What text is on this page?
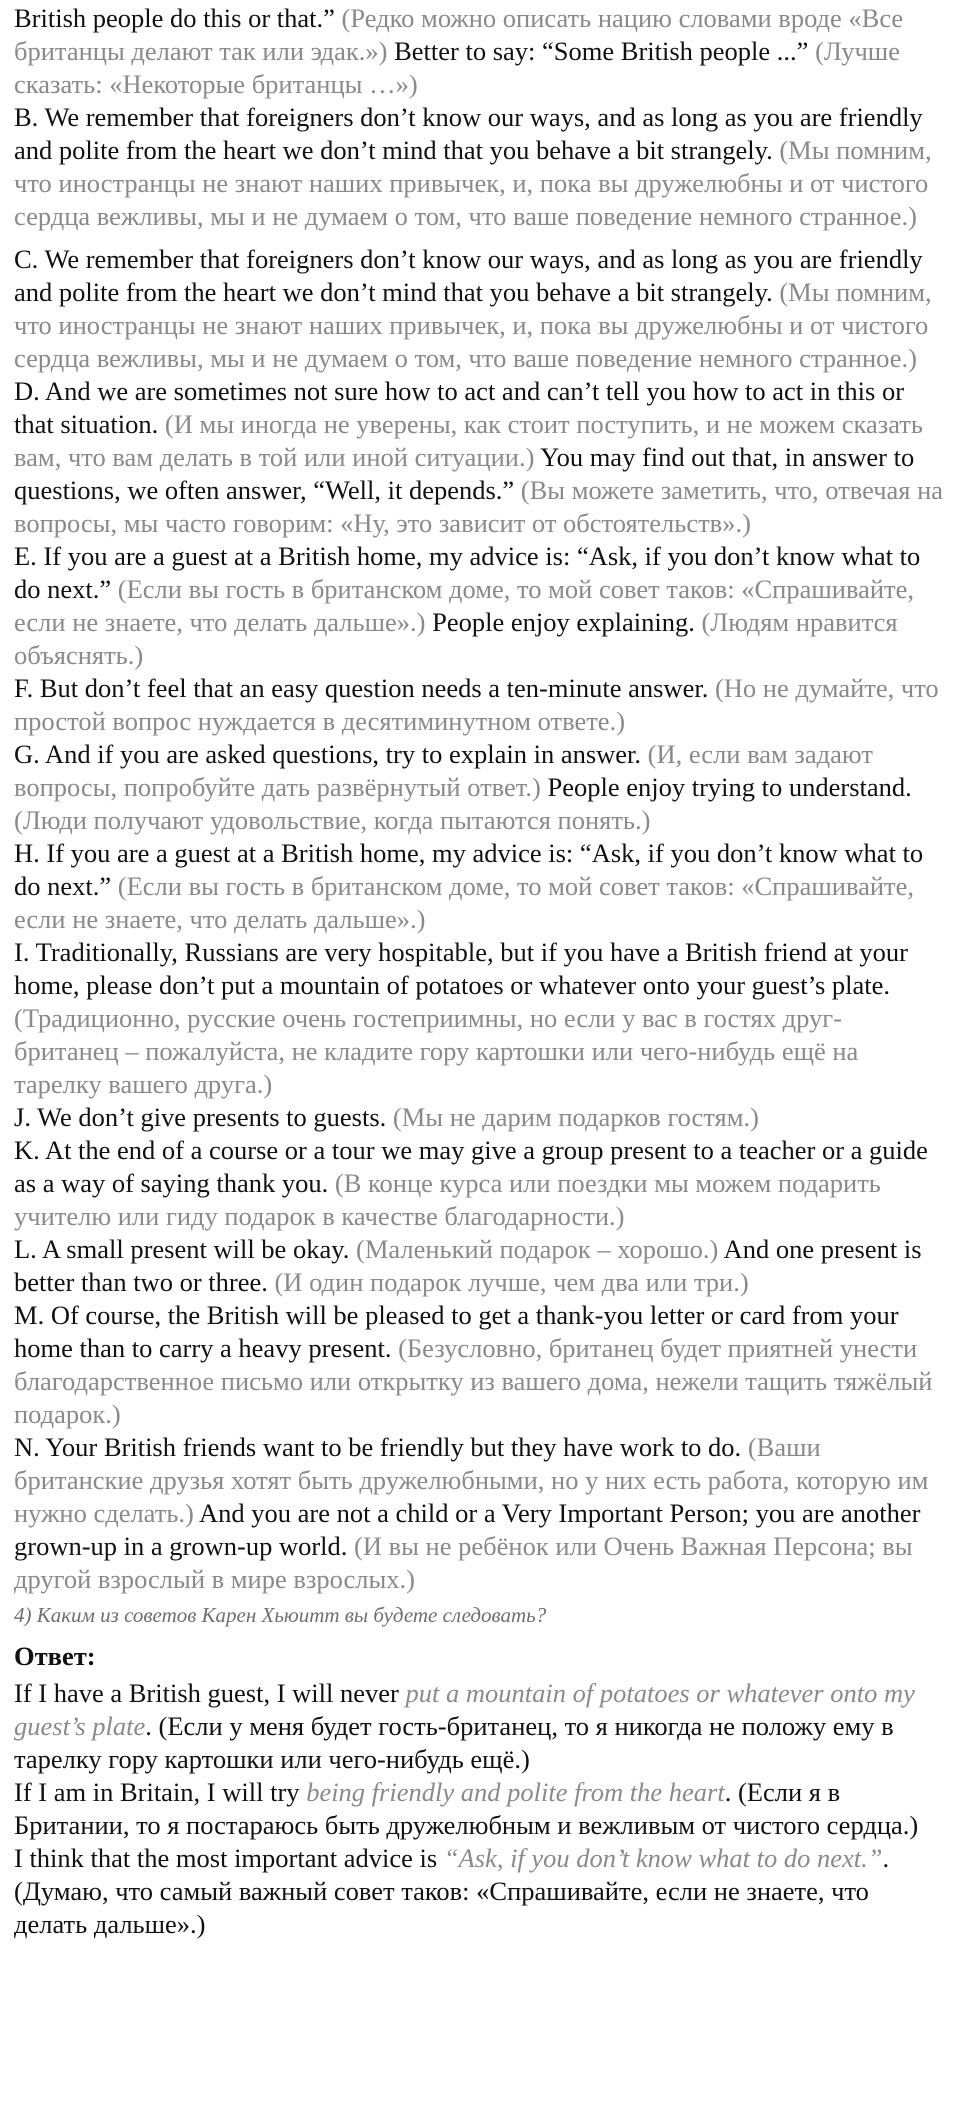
British people do this or that.” (Редко можно описать нацию словами вроде «Все британцы делают так или эдак.») Better to say: “Some British people ...” (Лучше сказать: «Некоторые британцы …»)

B. We remember that foreigners don’t know our ways, and as long as you are friendly and polite from the heart we don’t mind that you behave a bit strangely. (Мы помним, что иностранцы не знают наших привычек, и, пока вы дружелюбны и от чистого сердца вежливы, мы и не думаем о том, что ваше поведение немного странное.)

C. We remember that foreigners don’t know our ways, and as long as you are friendly and polite from the heart we don’t mind that you behave a bit strangely. (Мы помним, что иностранцы не знают наших привычек, и, пока вы дружелюбны и от чистого сердца вежливы, мы и не думаем о том, что ваше поведение немного странное.)

D. And we are sometimes not sure how to act and can’t tell you how to act in this or that situation. (И мы иногда не уверены, как стоит поступить, и не можем сказать вам, что вам делать в той или иной ситуации.) You may find out that, in answer to questions, we often answer, “Well, it depends.” (Вы можете заметить, что, отвечая на вопросы, мы часто говорим: «Ну, это зависит от обстоятельств».)

E. If you are a guest at a British home, my advice is: “Ask, if you don’t know what to do next.” (Если вы гость в британском доме, то мой совет таков: «Спрашивайте, если не знаете, что делать дальше».) People enjoy explaining. (Людям нравится объяснять.)

F. But don’t feel that an easy question needs a ten-minute answer. (Но не думайте, что простой вопрос нуждается в десятиминутном ответе.)

G. And if you are asked questions, try to explain in answer. (И, если вам задают вопросы, попробуйте дать развёрнутый ответ.) People enjoy trying to understand. (Люди получают удовольствие, когда пытаются понять.)

H. If you are a guest at a British home, my advice is: “Ask, if you don’t know what to do next.” (Если вы гость в британском доме, то мой совет таков: «Спрашивайте, если не знаете, что делать дальше».)

I. Traditionally, Russians are very hospitable, but if you have a British friend at your home, please don’t put a mountain of potatoes or whatever onto your guest’s plate. (Традиционно, русские очень гостеприимны, но если у вас в гостях друг-британец – пожалуйста, не кладите гору картошки или чего-нибудь ещё на тарелку вашего друга.)

J. We don’t give presents to guests. (Мы не дарим подарков гостям.)

K. At the end of a course or a tour we may give a group present to a teacher or a guide as a way of saying thank you. (В конце курса или поездки мы можем подарить учителю или гиду подарок в качестве благодарности.)

L. A small present will be okay. (Маленький подарок – хорошо.) And one present is better than two or three. (И один подарок лучше, чем два или три.)

M. Of course, the British will be pleased to get a thank-you letter or card from your home than to carry a heavy present. (Безусловно, британец будет приятней унести благодарственное письмо или открытку из вашего дома, нежели тащить тяжёлый подарок.)

N. Your British friends want to be friendly but they have work to do. (Ваши британские друзья хотят быть дружелюбными, но у них есть работа, которую им нужно сделать.) And you are not a child or a Very Important Person; you are another grown-up in a grown-up world. (И вы не ребёнок или Очень Важная Персона; вы другой взрослый в мире взрослых.)

4) Каким из советов Карен Хьюитт вы будете следовать?

Ответ:

If I have a British guest, I will never put a mountain of potatoes or whatever onto my guest’s plate. (Если у меня будет гость-британец, то я никогда не положу ему в тарелку гору картошки или чего-нибудь ещё.)

If I am in Britain, I will try being friendly and polite from the heart. (Если я в Британии, то я постараюсь быть дружелюбным и вежливым от чистого сердца.)

I think that the most important advice is “Ask, if you don’t know what to do next.”. (Думаю, что самый важный совет таков: «Спрашивайте, если не знаете, что делать дальше».)
